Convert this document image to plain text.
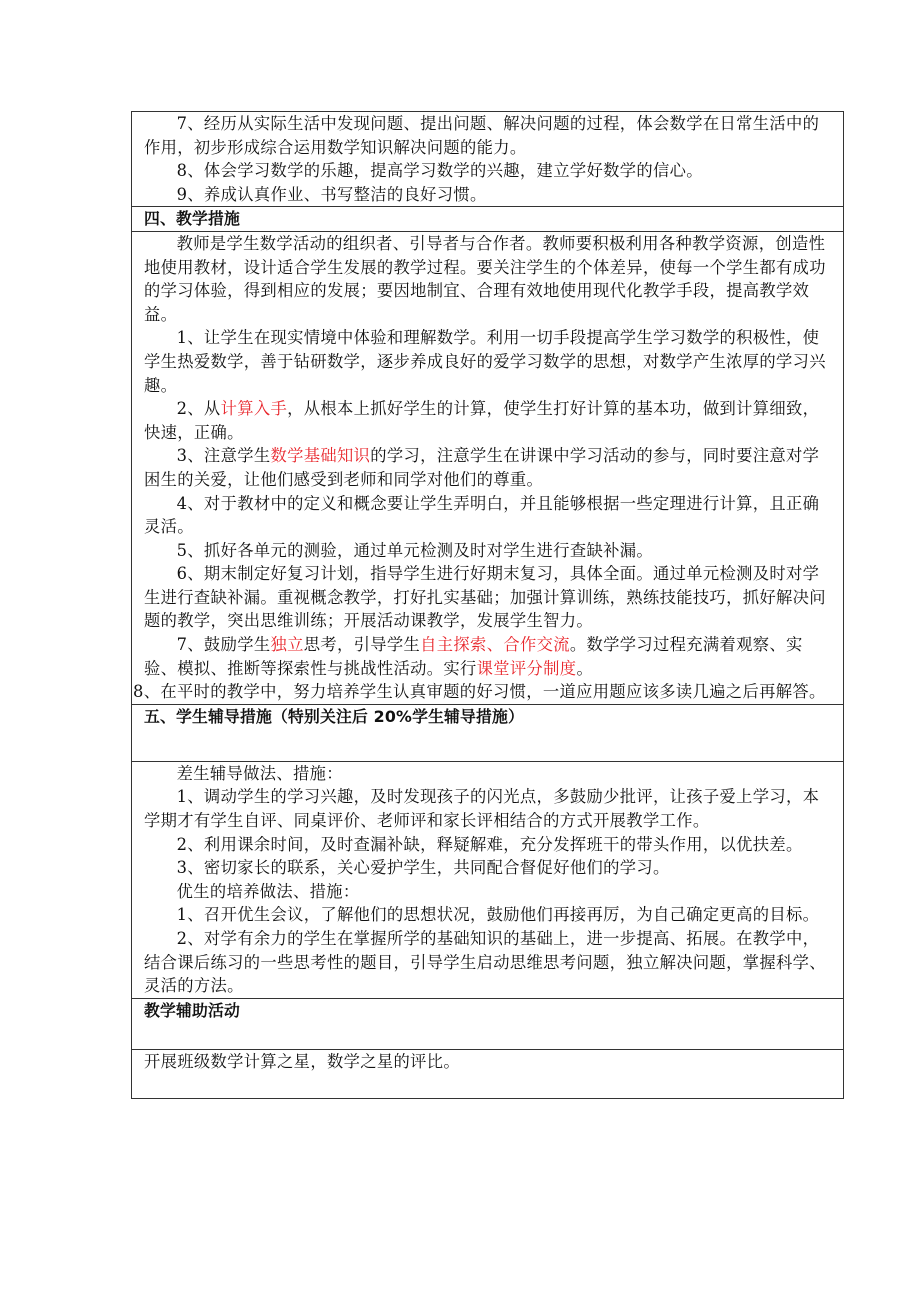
7、经历从实际生活中发现问题、提出问题、解决问题的过程，体会数学在日常生活中的作用，初步形成综合运用数学知识解决问题的能力。

8、体会学习数学的乐趣，提高学习数学的兴趣，建立学好数学的信心。

9、养成认真作业、书写整洁的良好习惯。

四、教学措施

教师是学生数学活动的组织者、引导者与合作者。教师要积极利用各种教学资源，创造性地使用教材，设计适合学生发展的教学过程。要关注学生的个体差异，使每一个学生都有成功的学习体验，得到相应的发展；要因地制宜、合理有效地使用现代化教学手段，提高教学效益。

1、让学生在现实情境中体验和理解数学。利用一切手段提高学生学习数学的积极性，使学生热爱数学，善于钻研数学，逐步养成良好的爱学习数学的思想，对数学产生浓厚的学习兴趣。

2、从计算入手，从根本上抓好学生的计算，使学生打好计算的基本功，做到计算细致，快速，正确。

3、注意学生数学基础知识的学习，注意学生在讲课中学习活动的参与，同时要注意对学困生的关爱，让他们感受到老师和同学对他们的尊重。

4、对于教材中的定义和概念要让学生弄明白，并且能够根据一些定理进行计算，且正确灵活。

5、抓好各单元的测验，通过单元检测及时对学生进行查缺补漏。

6、期末制定好复习计划，指导学生进行好期末复习，具体全面。通过单元检测及时对学生进行查缺补漏。重视概念教学，打好扎实基础；加强计算训练，熟练技能技巧，抓好解决问题的教学，突出思维训练；开展活动课教学，发展学生智力。

7、鼓励学生独立思考，引导学生自主探索、合作交流。数学学习过程充满着观察、实验、模拟、推断等探索性与挑战性活动。实行课堂评分制度。

8、在平时的教学中，努力培养学生认真审题的好习惯，一道应用题应该多读几遍之后再解答。

五、学生辅导措施（特别关注后 20%学生辅导措施）

差生辅导做法、措施：

1、调动学生的学习兴趣，及时发现孩子的闪光点，多鼓励少批评，让孩子爱上学习，本学期才有学生自评、同桌评价、老师评和家长评相结合的方式开展教学工作。

2、利用课余时间，及时查漏补缺，释疑解难，充分发挥班干的带头作用，以优扶差。

3、密切家长的联系，关心爱护学生，共同配合督促好他们的学习。

优生的培养做法、措施：

1、召开优生会议，了解他们的思想状况，鼓励他们再接再厉，为自己确定更高的目标。

2、对学有余力的学生在掌握所学的基础知识的基础上，进一步提高、拓展。在教学中，结合课后练习的一些思考性的题目，引导学生启动思维思考问题，独立解决问题，掌握科学、灵活的方法。

教学辅助活动

开展班级数学计算之星，数学之星的评比。
